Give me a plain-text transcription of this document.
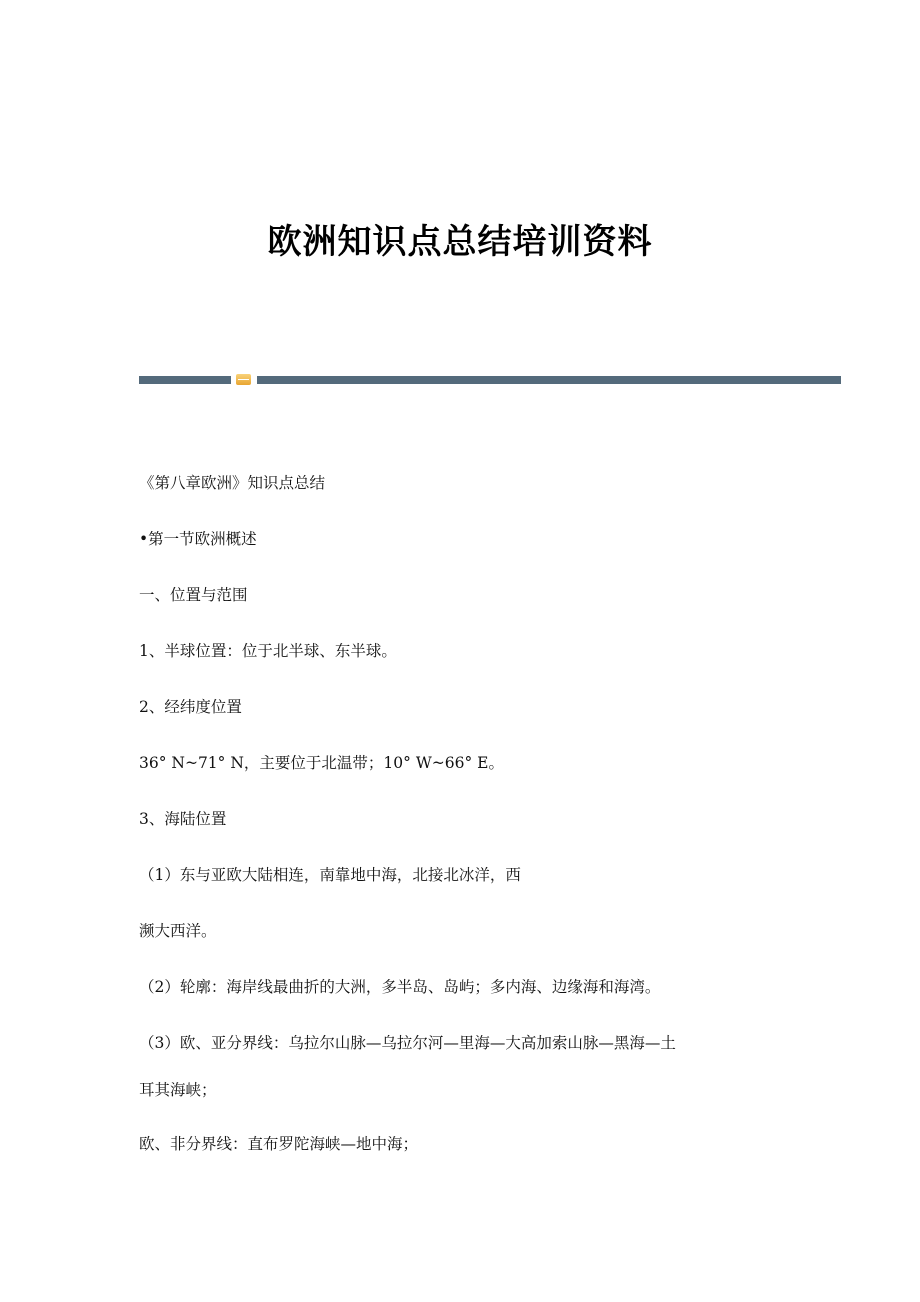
欧洲知识点总结培训资料

《第八章欧洲》知识点总结

•第一节欧洲概述

一、位置与范围

1、半球位置：位于北半球、东半球。

2、经纬度位置

36° N~71° N，主要位于北温带；10° W~66° E。

3、海陆位置

（1）东与亚欧大陆相连，南靠地中海，北接北冰洋，西

濒大西洋。

（2）轮廓：海岸线最曲折的大洲，多半岛、岛屿；多内海、边缘海和海湾。

（3）欧、亚分界线：乌拉尔山脉—乌拉尔河—里海—大高加索山脉—黑海—土

耳其海峡；

欧、非分界线：直布罗陀海峡—地中海；
